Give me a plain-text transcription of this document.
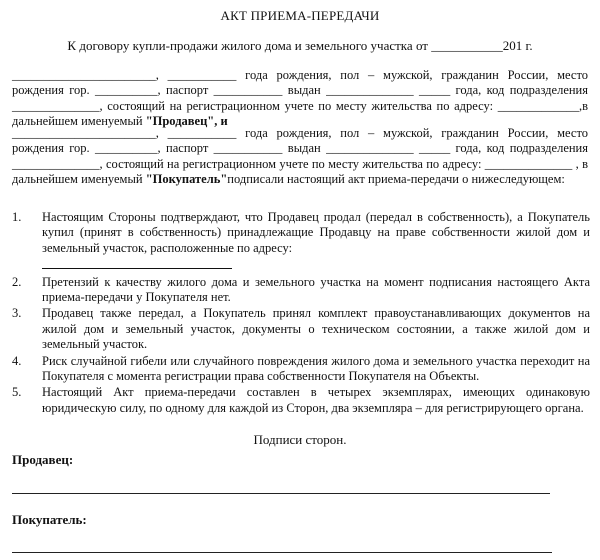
АКТ ПРИЕМА-ПЕРЕДАЧИ
К договору купли-продажи жилого дома и земельного участка от ___________201 г.
_______________________, ___________ года рождения, пол – мужской, гражданин России, место рождения гор. __________, паспорт ___________ выдан ______________ _____ года, код подразделения ______________, состоящий на регистрационном учете по месту жительства по адресу: _____________,в дальнейшем именуемый "Продавец", и
_______________________, ___________ года рождения, пол – мужской, гражданин России, место рождения гор. __________, паспорт ___________ выдан ______________ _____ года, код подразделения ______________, состоящий на регистрационном учете по месту жительства по адресу: ______________ , в дальнейшем именуемый "Покупатель"подписали настоящий акт приема-передачи о нижеследующем:
1.	Настоящим Стороны подтверждают, что Продавец продал (передал в собственность), а Покупатель купил (принят в собственность) принадлежащие Продавцу на праве собственности жилой дом и земельный участок, расположенные по адресу:

2.	Претензий к качеству жилого дома и земельного участка на момент подписания настоящего Акта приема-передачи у Покупателя нет.
3.	Продавец также передал, а Покупатель принял комплект правоустанавливающих документов на жилой дом и земельный участок, документы о техническом состоянии, а также жилой дом и земельный участок.
4.	Риск случайной гибели или случайного повреждения жилого дома и земельного участка переходит на Покупателя с момента регистрации права собственности Покупателя на Объекты.
5.	Настоящий Акт приема-передачи составлен в четырех экземплярах, имеющих одинаковую юридическую силу, по одному для каждой из Сторон, два экземпляра – для регистрирующего органа.
Подписи сторон.
Продавец:
Покупатель:
